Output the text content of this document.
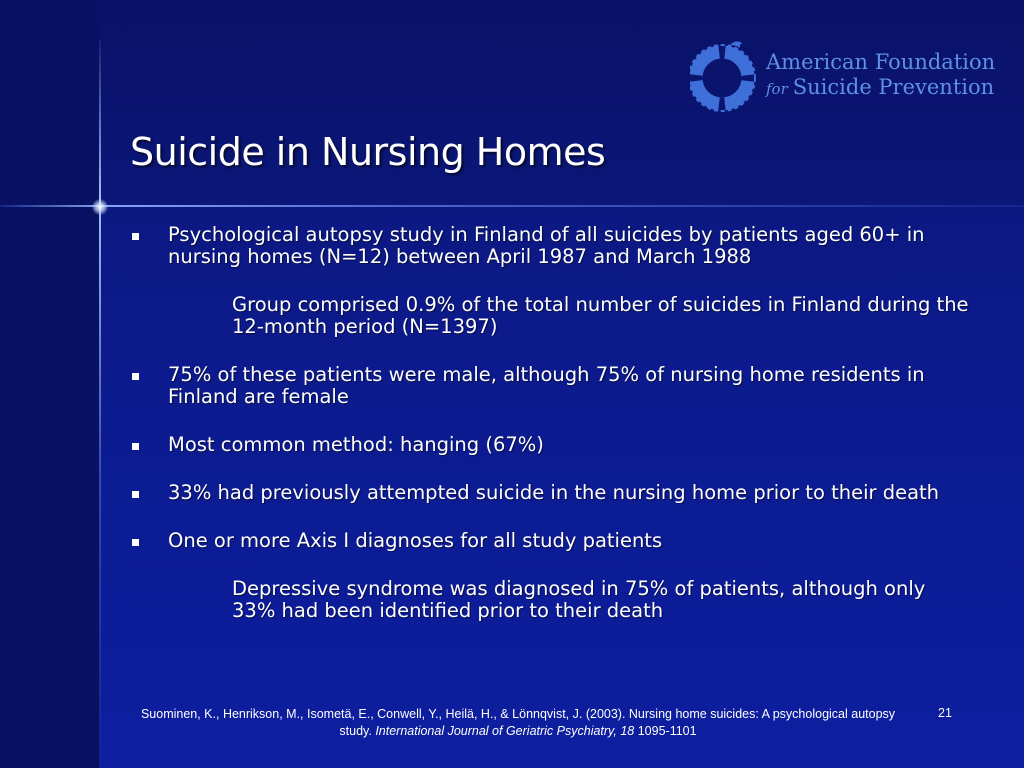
American Foundation
for Suicide Prevention
Suicide in Nursing Homes
Psychological autopsy study in Finland of all suicides by patients aged 60+ in nursing homes (N=12) between April 1987 and March 1988
Group comprised 0.9% of the total number of suicides in Finland during the 12-month period (N=1397)
75% of these patients were male, although 75% of nursing home residents in Finland are female
Most common method: hanging (67%)
33% had previously attempted suicide in the nursing home prior to their death
One or more Axis I diagnoses for all study patients
Depressive syndrome was diagnosed in 75% of patients, although only 33% had been identified prior to their death
Suominen, K., Henrikson, M., Isometä, E., Conwell, Y., Heilä, H., & Lönnqvist, J. (2003). Nursing home suicides: A psychological autopsy study. International Journal of Geriatric Psychiatry, 18 1095-1101
21
